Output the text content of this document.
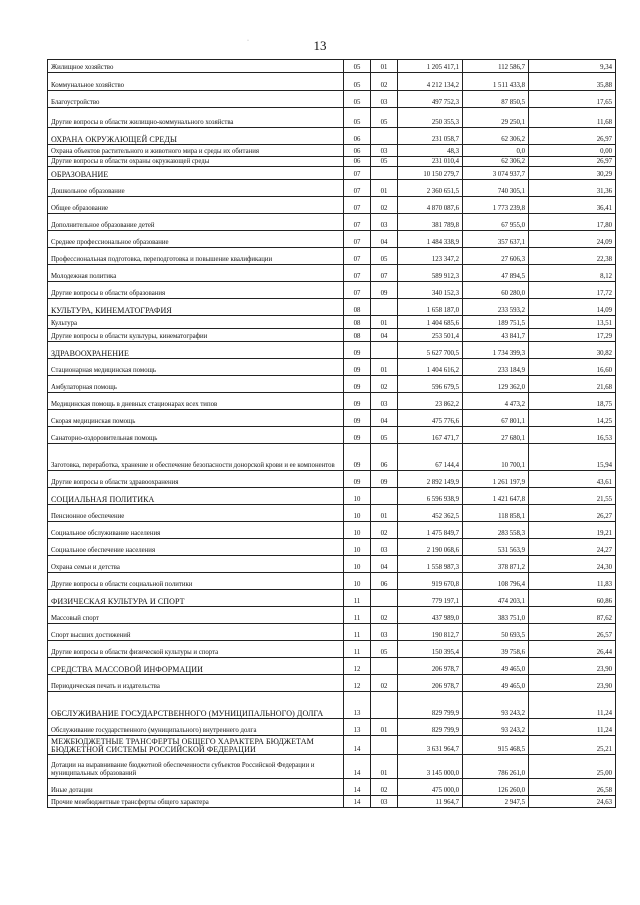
13
·
Жилищное хозяйство	05	01	1 205 417,1	112 586,7	9,34
Коммунальное хозяйство	05	02	4 212 134,2	1 511 433,8	35,88
Благоустройство	05	03	497 752,3	87 850,5	17,65
Другие вопросы в области жилищно-коммунального хозяйства	05	05	250 355,3	29 250,1	11,68
ОХРАНА ОКРУЖАЮЩЕЙ СРЕДЫ	06		231 058,7	62 306,2	26,97
Охрана объектов растительного и животного мира и среды их обитания	06	03	48,3	0,0	0,00
Другие вопросы в области охраны окружающей среды	06	05	231 010,4	62 306,2	26,97
ОБРАЗОВАНИЕ	07		10 150 279,7	3 074 937,7	30,29
Дошкольное образование	07	01	2 360 651,5	740 305,1	31,36
Общее образование	07	02	4 870 087,6	1 773 239,8	36,41
Дополнительное образование детей	07	03	381 789,8	67 955,0	17,80
Среднее профессиональное образование	07	04	1 484 338,9	357 637,1	24,09
Профессиональная подготовка, переподготовка и повышение квалификации	07	05	123 347,2	27 606,3	22,38
Молодежная политика	07	07	589 912,3	47 894,5	8,12
Другие вопросы в области образования	07	09	340 152,3	60 280,0	17,72
КУЛЬТУРА, КИНЕМАТОГРАФИЯ	08		1 658 187,0	233 593,2	14,09
Культура	08	01	1 404 685,6	189 751,5	13,51
Другие вопросы в области культуры, кинематографии	08	04	253 501,4	43 841,7	17,29
ЗДРАВООХРАНЕНИЕ	09		5 627 700,5	1 734 399,3	30,82
Стационарная медицинская помощь	09	01	1 404 616,2	233 184,9	16,60
Амбулаторная помощь	09	02	596 679,5	129 362,0	21,68
Медицинская помощь в дневных стационарах всех типов	09	03	23 862,2	4 473,2	18,75
Скорая медицинская помощь	09	04	475 776,6	67 801,1	14,25
Санаторно-оздоровительная помощь	09	05	167 471,7	27 680,1	16,53
Заготовка, переработка, хранение и обеспечение безопасности донорской крови и ее компонентов	09	06	67 144,4	10 700,1	15,94
Другие вопросы в области здравоохранения	09	09	2 892 149,9	1 261 197,9	43,61
СОЦИАЛЬНАЯ ПОЛИТИКА	10		6 596 938,9	1 421 647,8	21,55
Пенсионное обеспечение	10	01	452 362,5	118 858,1	26,27
Социальное обслуживание населения	10	02	1 475 849,7	283 558,3	19,21
Социальное обеспечение населения	10	03	2 190 068,6	531 563,9	24,27
Охрана семьи и детства	10	04	1 558 987,3	378 871,2	24,30
Другие вопросы в области социальной политики	10	06	919 670,8	108 796,4	11,83
ФИЗИЧЕСКАЯ КУЛЬТУРА И СПОРТ	11		779 197,1	474 203,1	60,86
Массовый спорт	11	02	437 989,0	383 751,0	87,62
Спорт высших достижений	11	03	190 812,7	50 693,5	26,57
Другие вопросы в области физической культуры и спорта	11	05	150 395,4	39 758,6	26,44
СРЕДСТВА МАССОВОЙ ИНФОРМАЦИИ	12		206 978,7	49 465,0	23,90
Периодическая печать и издательства	12	02	206 978,7	49 465,0	23,90
ОБСЛУЖИВАНИЕ ГОСУДАРСТВЕННОГО (МУНИЦИПАЛЬНОГО) ДОЛГА	13		829 799,9	93 243,2	11,24
Обслуживание государственного (муниципального) внутреннего долга	13	01	829 799,9	93 243,2	11,24
МЕЖБЮДЖЕТНЫЕ ТРАНСФЕРТЫ ОБЩЕГО ХАРАКТЕРА БЮДЖЕТАМ БЮДЖЕТНОЙ СИСТЕМЫ РОССИЙСКОЙ ФЕДЕРАЦИИ	14		3 631 964,7	915 468,5	25,21
Дотации на выравнивание бюджетной обеспеченности субъектов Российской Федерации и муниципальных образований	14	01	3 145 000,0	786 261,0	25,00
Иные дотации	14	02	475 000,0	126 260,0	26,58
Прочие межбюджетные трансферты общего характера	14	03	11 964,7	2 947,5	24,63
